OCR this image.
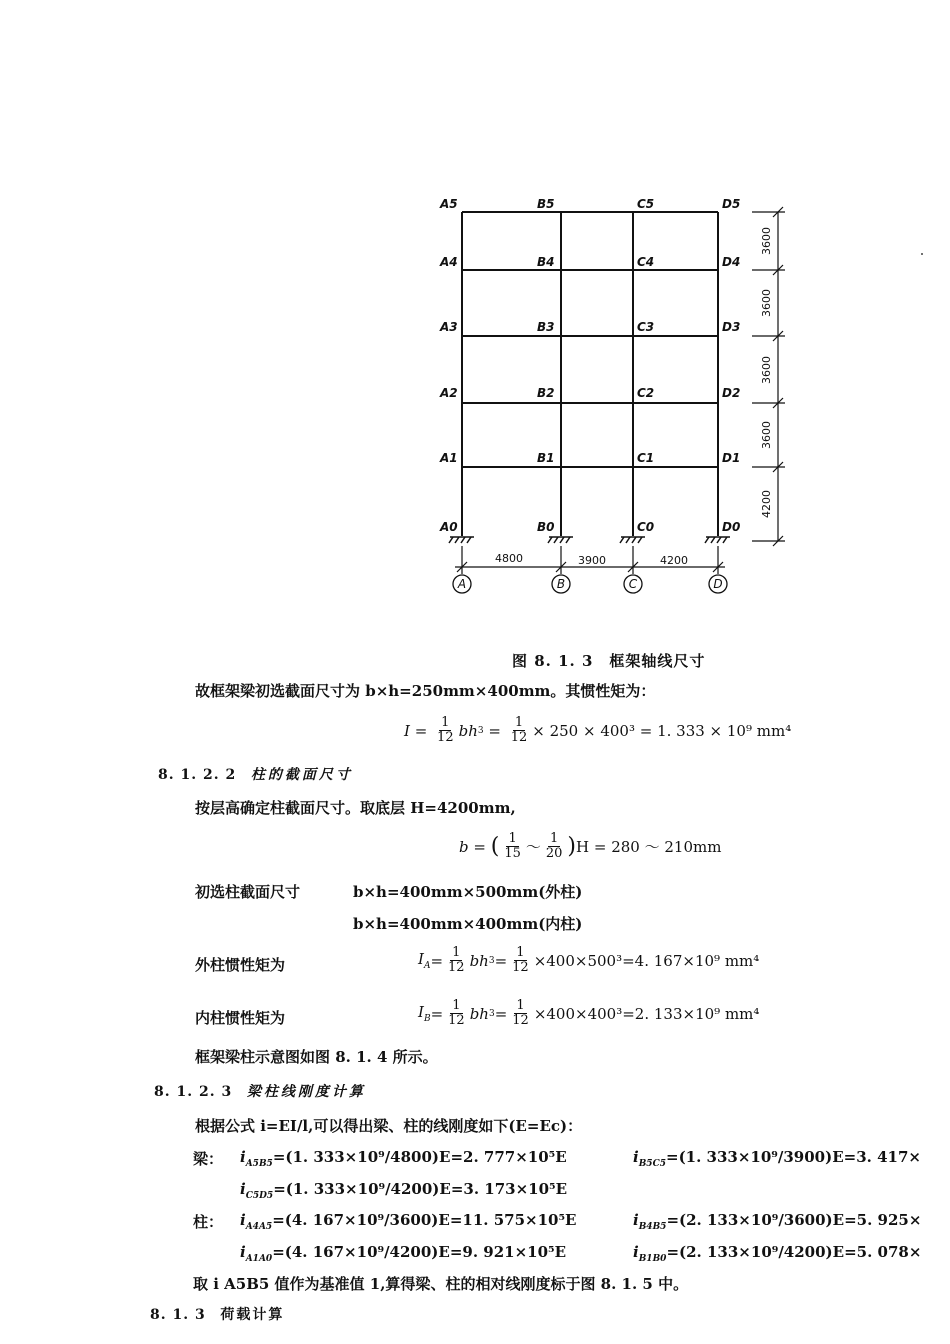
A5
A4
A3
A2
A1
A0
B5
B4
B3
B2
B1
B0
C5
C4
C3
C2
C1
C0
D5
D4
D3
D2
D1
D0
3600
3600
3600
3600
4200
4800	3900	4200
A	B	C	D
图 8. 1. 3　框架轴线尺寸
故框架梁初选截面尺寸为 b×h=250mm×400mm。其惯性矩为：
$I = \frac{1}{12}$ bh $3 = \frac{1}{12} \times 250 \times 400^3 = 1$. 333 × 10⁹ mm⁴
8. 1. 2. 2 柱的截面尺寸
按层高确定柱截面尺寸。取底层 H=4200mm,
b = ( $\frac{1}{15}$ ～ $\frac{1}{20}$ ) H = 280 ～ 210mm
初选柱截面尺寸	b×h=400mm×500mm(外柱)
b×h=400mm×400mm(内柱)
外柱惯性矩为	$I_A = \frac{1}{12}$ bh $3 = \frac{1}{12} \times 400\times 500^3=4$. 167×10⁹ mm⁴
内柱惯性矩为	$I_B = \frac{1}{12}$ bh $3 = \frac{1}{12} \times 400\times 400^3=2$. 133×10⁹ mm⁴
框架梁柱示意图如图 8. 1. 4 所示。
8. 1. 2. 3 梁柱线刚度计算
根据公式 i=EI/l,可以得出梁、柱的线刚度如下(E=Ec)：
梁： $i_{A5B5}=(1$. 333×10⁹/4800)E=2. 777×10⁵E	$i_{B5C5}=(1$. 333×10⁹/3900)E=3. 417×
$i_{C5D5}=(1$. 333×10⁹/4200)E=3. 173×10⁵E
柱： $i_{A4A5}=(4$. 167×10⁹/3600)E=11. 575×10⁵E	$i_{B4B5}=(2$. 133×10⁹/3600)E=5. 925×
$i_{A1A0}=(4$. 167×10⁹/4200)E=9. 921×10⁵E	$i_{B1B0}=(2$. 133×10⁹/4200)E=5. 078×
取 i A5B5 值作为基准值 1,算得梁、柱的相对线刚度标于图 8. 1. 5 中。
8. 1. 3 荷载计算
